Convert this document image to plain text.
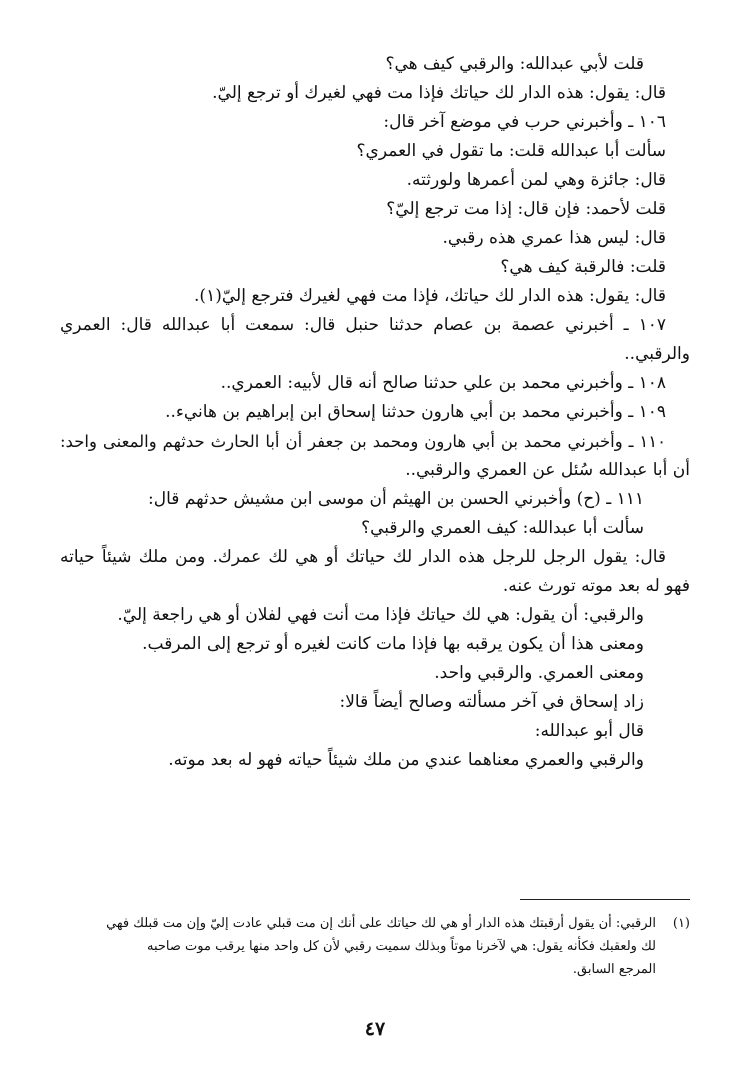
قلت لأبي عبدالله: والرقبي كيف هي؟
قال: يقول: هذه الدار لك حياتك فإذا مت فهي لغيرك أو ترجع إليّ.
١٠٦ ـ وأخبرني حرب في موضع آخر قال:
سألت أبا عبدالله قلت: ما تقول في العمري؟
قال: جائزة وهي لمن أعمرها ولورثته.
قلت لأحمد: فإن قال: إذا مت ترجع إليّ؟
قال: ليس هذا عمري هذه رقبي.
قلت: فالرقبة كيف هي؟
قال: يقول: هذه الدار لك حياتك، فإذا مت فهي لغيرك فترجع إليّ(١).
١٠٧ ـ أخبرني عصمة بن عصام حدثنا حنبل قال: سمعت أبا عبدالله قال: العمري
والرقبي..
١٠٨ ـ وأخبرني محمد بن علي حدثنا صالح أنه قال لأبيه: العمري..
١٠٩ ـ وأخبرني محمد بن أبي هارون حدثنا إسحاق ابن إبراهيم بن هانيء..
١١٠ ـ وأخبرني محمد بن أبي هارون ومحمد بن جعفر أن أبا الحارث حدثهم والمعنى واحد:
أن أبا عبدالله سُئل عن العمري والرقبي..
١١١ ـ (ح) وأخبرني الحسن بن الهيثم أن موسى ابن مشيش حدثهم قال:
سألت أبا عبدالله: كيف العمري والرقبي؟
قال: يقول الرجل للرجل هذه الدار لك حياتك أو هي لك عمرك. ومن ملك شيئاً حياته
فهو له بعد موته تورث عنه.
والرقبي: أن يقول: هي لك حياتك فإذا مت أنت فهي لفلان أو هي راجعة إليّ.
ومعنى هذا أن يكون يرقبه بها فإذا مات كانت لغيره أو ترجع إلى المرقب.
ومعنى العمري. والرقبي واحد.
زاد إسحاق في آخر مسألته وصالح أيضاً قالا:
قال أبو عبدالله:
والرقبي والعمري معناهما عندي من ملك شيئاً حياته فهو له بعد موته.
(١)
الرقبي: أن يقول أرقبتك هذه الدار أو هي لك حياتك على أنك إن مت قبلي عادت إليّ وإن مت قبلك فهي
لك ولعقبك فكأنه يقول: هي لآخرنا موتاً وبذلك سميت رقبي لأن كل واحد منها يرقب موت صاحبه
المرجع السابق.
٤٧
